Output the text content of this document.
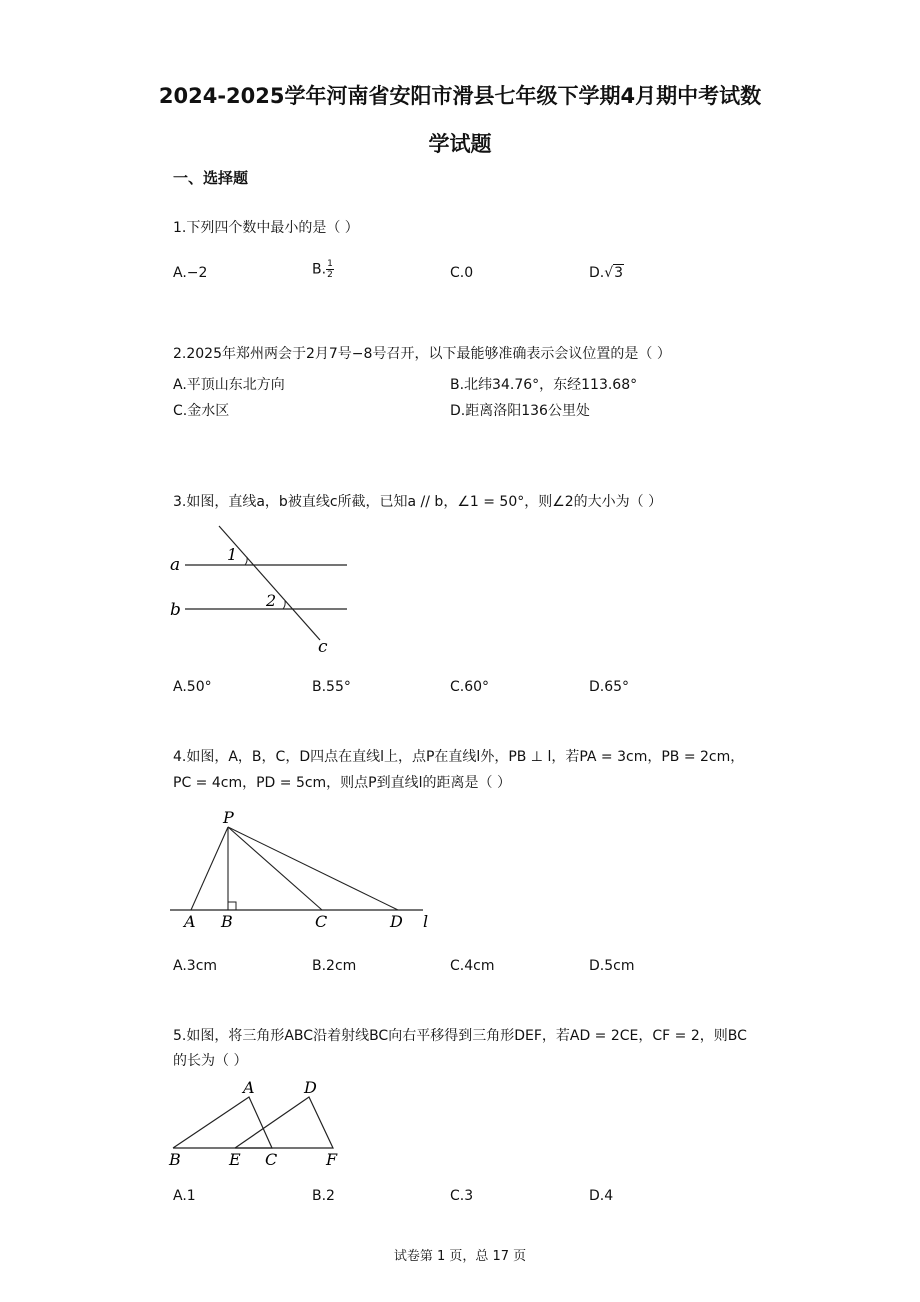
2024-2025学年河南省安阳市滑县七年级下学期4月期中考试数
学试题
一、选择题
1.下列四个数中最小的是（ ）
A.−2	B. $\frac{1}{2}$	C.0	D.√3
2.2025年郑州两会于2月7号−8号召开，以下最能够准确表示会议位置的是（ ）
A.平顶山东北方向	B.北纬34.76°，东经113.68°
C.金水区	D.距离洛阳136公里处
3.如图，直线a，b被直线c所截，已知a // b，∠1 = 50°，则∠2的大小为（ ）
a
b
c
1
2
A.50°	B.55°	C.60°	D.65°
4.如图，A，B，C，D四点在直线l上，点P在直线l外，PB ⊥ l，若PA = 3cm，PB = 2cm，
PC = 4cm，PD = 5cm，则点P到直线l的距离是（ ）
P
A B	C	D l
A.3cm	B.2cm	C.4cm	D.5cm
5.如图，将三角形ABC沿着射线BC向右平移得到三角形DEF，若AD = 2CE，CF = 2，则BC
的长为（ ）
A	D
B	E C	F
A.1	B.2	C.3	D.4
试卷第 1 页，总 17 页
